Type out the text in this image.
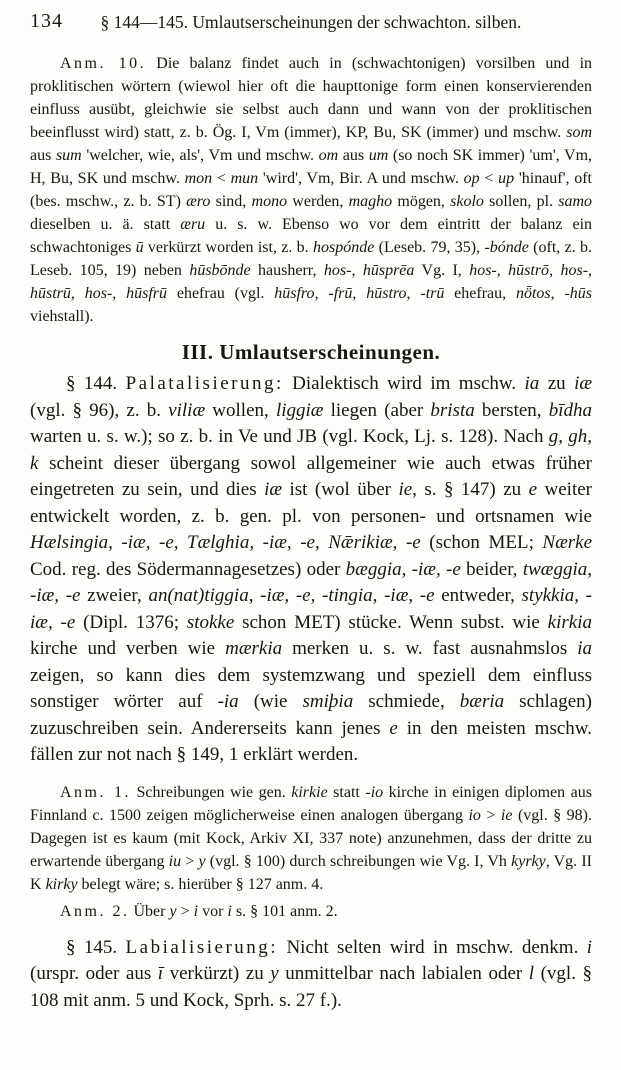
134	§ 144—145. Umlautserscheinungen der schwachton. silben.

Anm. 10. Die balanz findet auch in (schwachtonigen) vorsilben und in proklitischen wörtern (wiewol hier oft die haupttonige form einen konservierenden einfluss ausübt, gleichwie sie selbst auch dann und wann von der proklitischen beeinflusst wird) statt, z. b. Ög. I, Vm (immer), KP, Bu, SK (immer) und mschw. som aus sum 'welcher, wie, als', Vm und mschw. om aus um (so noch SK immer) 'um', Vm, H, Bu, SK und mschw. mon < mun 'wird', Vm, Bir. A und mschw. op < up 'hinauf', oft (bes. mschw., z. b. ST) æro sind, mono werden, magho mögen, skolo sollen, pl. samo dieselben u. ä. statt æru u. s. w. Ebenso wo vor dem eintritt der balanz ein schwachtoniges ū verkürzt worden ist, z. b. hospónde (Leseb. 79, 35), -bónde (oft, z. b. Leseb. 105, 19) neben hūsbōnde hausherr, hos-, hūsprēa Vg. I, hos-, hūstrō, hos-, hūstrū, hos-, hūsfrū ehefrau (vgl. hūsfro, -frū, hūstro, -trū ehefrau, nȫtos, -hūs viehstall).

III. Umlautserscheinungen.

§ 144. Palatalisierung: Dialektisch wird im mschw. ia zu iæ (vgl. § 96), z. b. viliæ wollen, liggiæ liegen (aber brista bersten, bīdha warten u. s. w.); so z. b. in Ve und JB (vgl. Kock, Lj. s. 128). Nach g, gh, k scheint dieser übergang sowol allgemeiner wie auch etwas früher eingetreten zu sein, und dies iæ ist (wol über ie, s. § 147) zu e weiter entwickelt worden, z. b. gen. pl. von personen- und ortsnamen wie Hælsingia, -iæ, -e, Tælghia, -iæ, -e, Nǣrikiæ, -e (schon MEL; Nærke Cod. reg. des Södermannagesetzes) oder bæggia, -iæ, -e beider, twæggia, -iæ, -e zweier, an(nat)tiggia, -iæ, -e, -tingia, -iæ, -e entweder, stykkia, -iæ, -e (Dipl. 1376; stokke schon MET) stücke. Wenn subst. wie kirkia kirche und verben wie mærkia merken u. s. w. fast ausnahmslos ia zeigen, so kann dies dem systemzwang und speziell dem einfluss sonstiger wörter auf -ia (wie smiþia schmiede, bæria schlagen) zuzuschreiben sein. Andererseits kann jenes e in den meisten mschw. fällen zur not nach § 149, 1 erklärt werden.

Anm. 1. Schreibungen wie gen. kirkie statt -io kirche in einigen diplomen aus Finnland c. 1500 zeigen möglicherweise einen analogen übergang io > ie (vgl. § 98). Dagegen ist es kaum (mit Kock, Arkiv XI, 337 note) anzunehmen, dass der dritte zu erwartende übergang iu > y (vgl. § 100) durch schreibungen wie Vg. I, Vh kyrky, Vg. II K kirky belegt wäre; s. hierüber § 127 anm. 4.

Anm. 2. Über y > i vor i s. § 101 anm. 2.

§ 145. Labialisierung: Nicht selten wird in mschw. denkm. i (urspr. oder aus ī verkürzt) zu y unmittelbar nach labialen oder l (vgl. § 108 mit anm. 5 und Kock, Sprh. s. 27 f.).
